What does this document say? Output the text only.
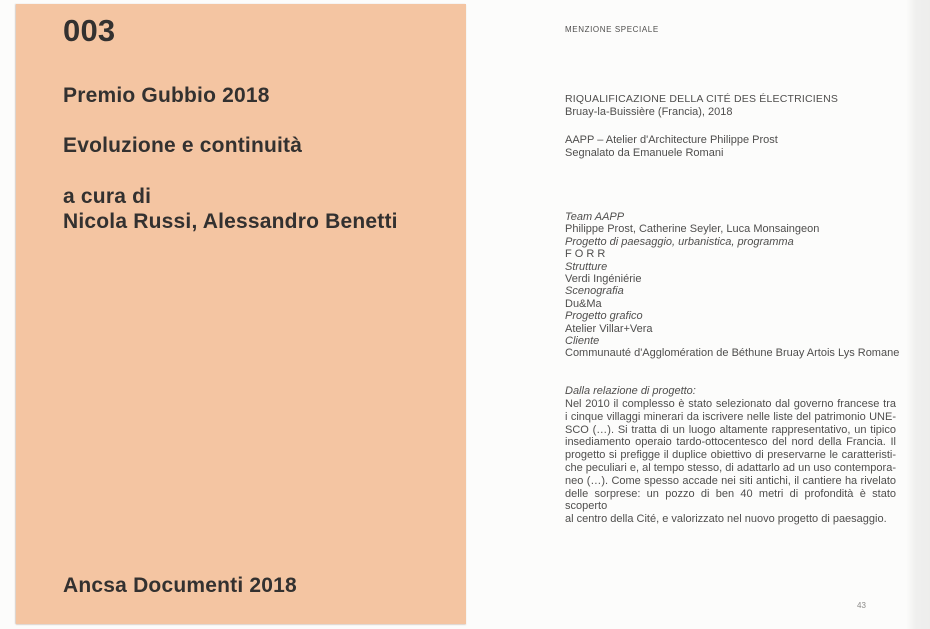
003
Premio Gubbio 2018
Evoluzione e continuità
a cura di
Nicola Russi, Alessandro Benetti
Ancsa Documenti 2018
MENZIONE SPECIALE
RIQUALIFICAZIONE DELLA CITÉ DES ÉLECTRICIENS
Bruay-la-Buissière (Francia), 2018
AAPP – Atelier d'Architecture Philippe Prost
Segnalato da Emanuele Romani
Team AAPP
Philippe Prost, Catherine Seyler, Luca Monsaingeon
Progetto di paesaggio, urbanistica, programma
F O R R
Strutture
Verdi Ingéniérie
Scenografia
Du&Ma
Progetto grafico
Atelier Villar+Vera
Cliente
Communauté d'Agglomération de Béthune Bruay Artois Lys Romane
Dalla relazione di progetto:
Nel 2010 il complesso è stato selezionato dal governo francese tra
i cinque villaggi minerari da iscrivere nelle liste del patrimonio UNE-
SCO (…). Si tratta di un luogo altamente rappresentativo, un tipico
insediamento operaio tardo-ottocentesco del nord della Francia. Il
progetto si prefigge il duplice obiettivo di preservarne le caratteristi-
che peculiari e, al tempo stesso, di adattarlo ad un uso contempora-
neo (…). Come spesso accade nei siti antichi, il cantiere ha rivelato
delle sorprese: un pozzo di ben 40 metri di profondità è stato scoperto
al centro della Cité, e valorizzato nel nuovo progetto di paesaggio.
43
